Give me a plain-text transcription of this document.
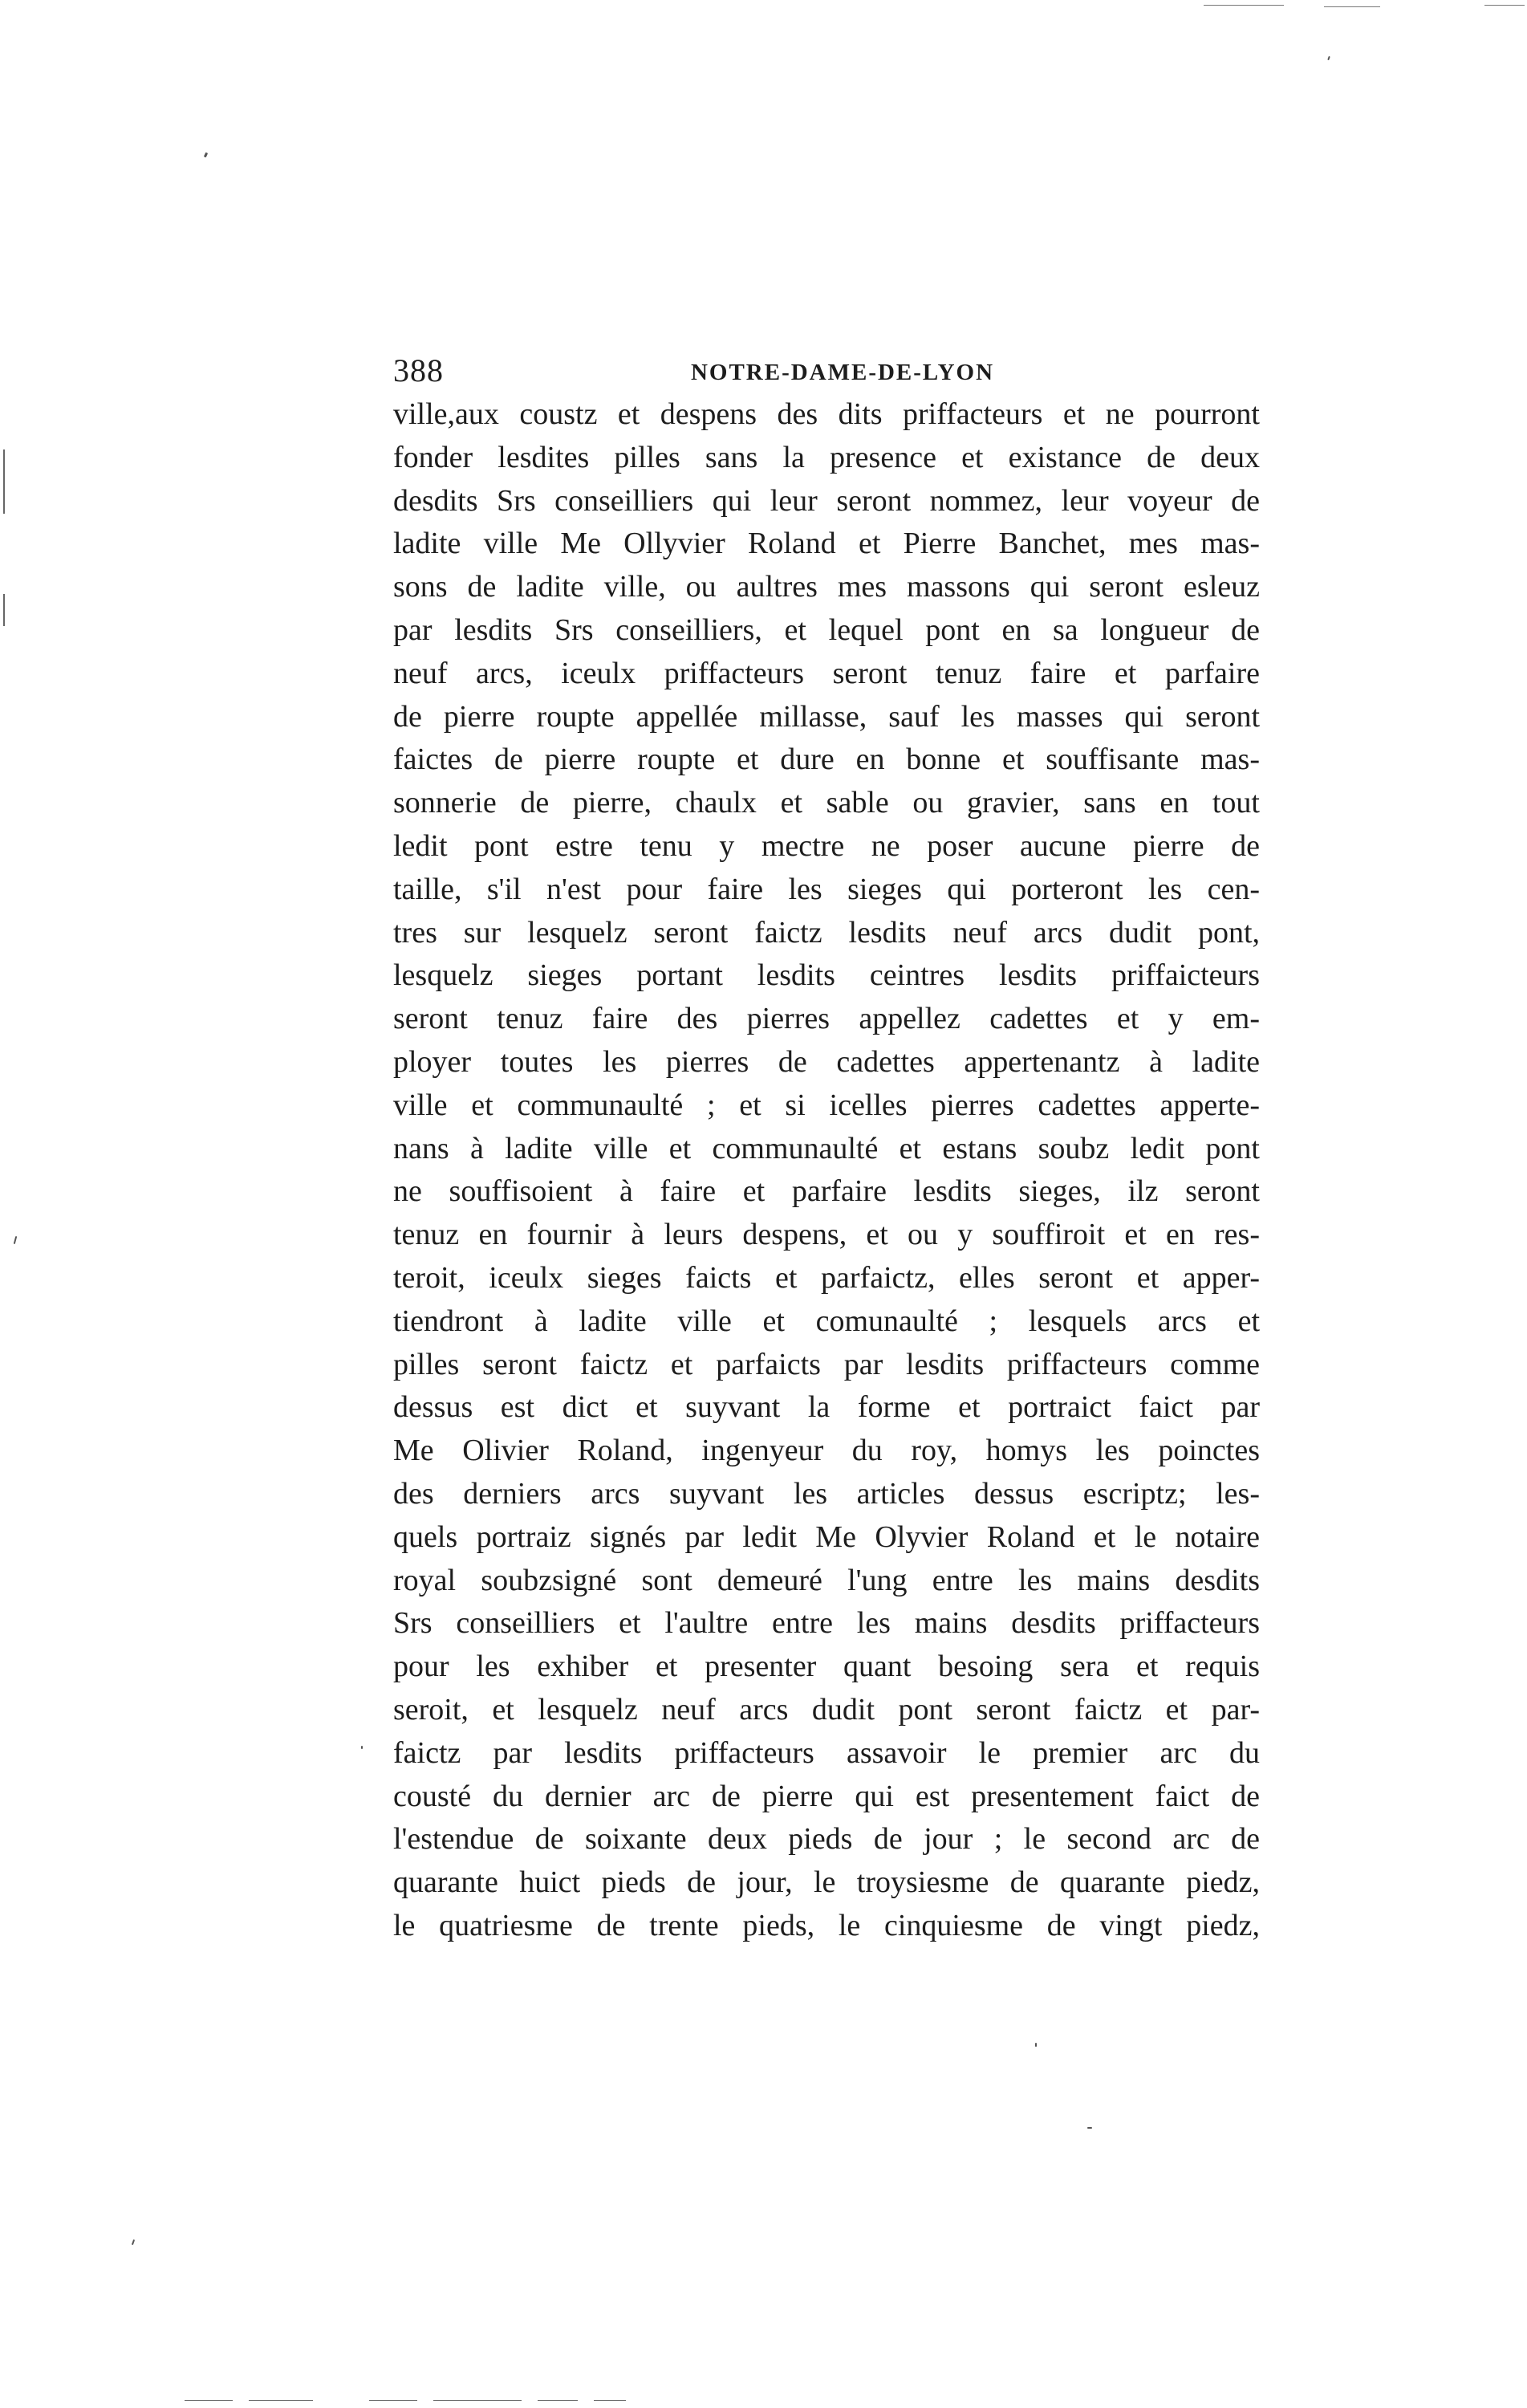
388	NOTRE-DAME-DE-LYON
ville,aux coustz et despens des dits priffacteurs et ne pourront
fonder lesdites pilles sans la presence et existance de deux
desdits Srs conseilliers qui leur seront nommez, leur voyeur de
ladite ville Me Ollyvier Roland et Pierre Banchet, mes mas-
sons de ladite ville, ou aultres mes massons qui seront esleuz
par lesdits Srs conseilliers, et lequel pont en sa longueur de
neuf arcs, iceulx priffacteurs seront tenuz faire et parfaire
de pierre roupte appellée millasse, sauf les masses qui seront
faictes de pierre roupte et dure en bonne et souffisante mas-
sonnerie de pierre, chaulx et sable ou gravier, sans en tout
ledit pont estre tenu y mectre ne poser aucune pierre de
taille, s'il n'est pour faire les sieges qui porteront les cen-
tres sur lesquelz seront faictz lesdits neuf arcs dudit pont,
lesquelz sieges portant lesdits ceintres lesdits priffaicteurs
seront tenuz faire des pierres appellez cadettes et y em-
ployer toutes les pierres de cadettes appertenantz à ladite
ville et communaulté ; et si icelles pierres cadettes apperte-
nans à ladite ville et communaulté et estans soubz ledit pont
ne souffisoient à faire et parfaire lesdits sieges, ilz seront
tenuz en fournir à leurs despens, et ou y souffiroit et en res-
teroit, iceulx sieges faicts et parfaictz, elles seront et apper-
tiendront à ladite ville et comunaulté ; lesquels arcs et
pilles seront faictz et parfaicts par lesdits priffacteurs comme
dessus est dict et suyvant la forme et portraict faict par
Me Olivier Roland, ingenyeur du roy, homys les poinctes
des derniers arcs suyvant les articles dessus escriptz; les-
quels portraiz signés par ledit Me Olyvier Roland et le notaire
royal soubzsigné sont demeuré l'ung entre les mains desdits
Srs conseilliers et l'aultre entre les mains desdits priffacteurs
pour les exhiber et presenter quant besoing sera et requis
seroit, et lesquelz neuf arcs dudit pont seront faictz et par-
faictz par lesdits priffacteurs assavoir le premier arc du
cousté du dernier arc de pierre qui est presentement faict de
l'estendue de soixante deux pieds de jour ; le second arc de
quarante huict pieds de jour, le troysiesme de quarante piedz,
le quatriesme de trente pieds, le cinquiesme de vingt piedz,
